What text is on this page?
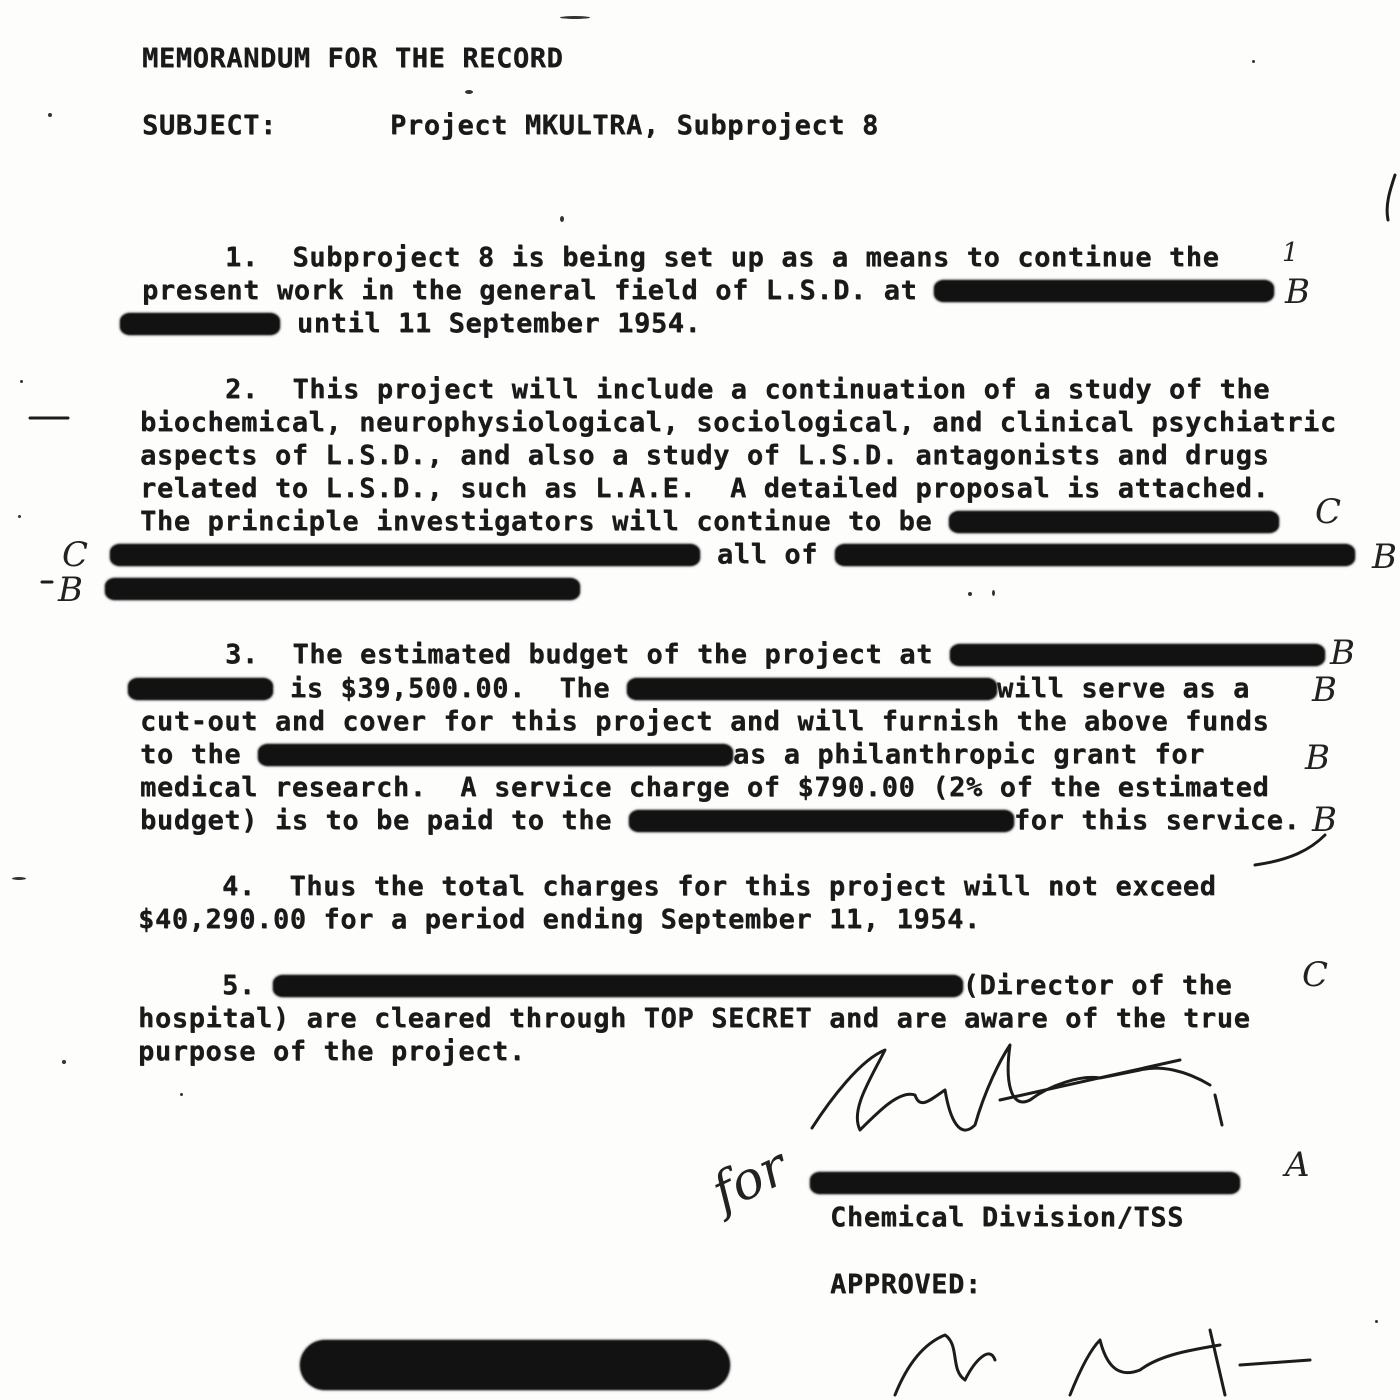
MEMORANDUM FOR THE RECORD
SUBJECT:	Project MKULTRA, Subproject 8
1.  Subproject 8 is being set up as a means to continue the
present work in the general field of L.S.D. at
until 11 September 1954.
2.  This project will include a continuation of a study of the
biochemical, neurophysiological, sociological, and clinical psychiatric
aspects of L.S.D., and also a study of L.S.D. antagonists and drugs
related to L.S.D., such as L.A.E.  A detailed proposal is attached.
The principle investigators will continue to be
all of
3.  The estimated budget of the project at
is $39,500.00.  The	will serve as a
cut-out and cover for this project and will furnish the above funds
to the	as a philanthropic grant for
medical research.  A service charge of $790.00 (2% of the estimated
budget) is to be paid to the	for this service.
4.  Thus the total charges for this project will not exceed
$40,290.00 for a period ending September 11, 1954.
5.	(Director of the
hospital) are cleared through TOP SECRET and are aware of the true
purpose of the project.
for Chemical Division/TSS
APPROVED:
1
B
C
C	B
B
B
B
B
B
C
A
